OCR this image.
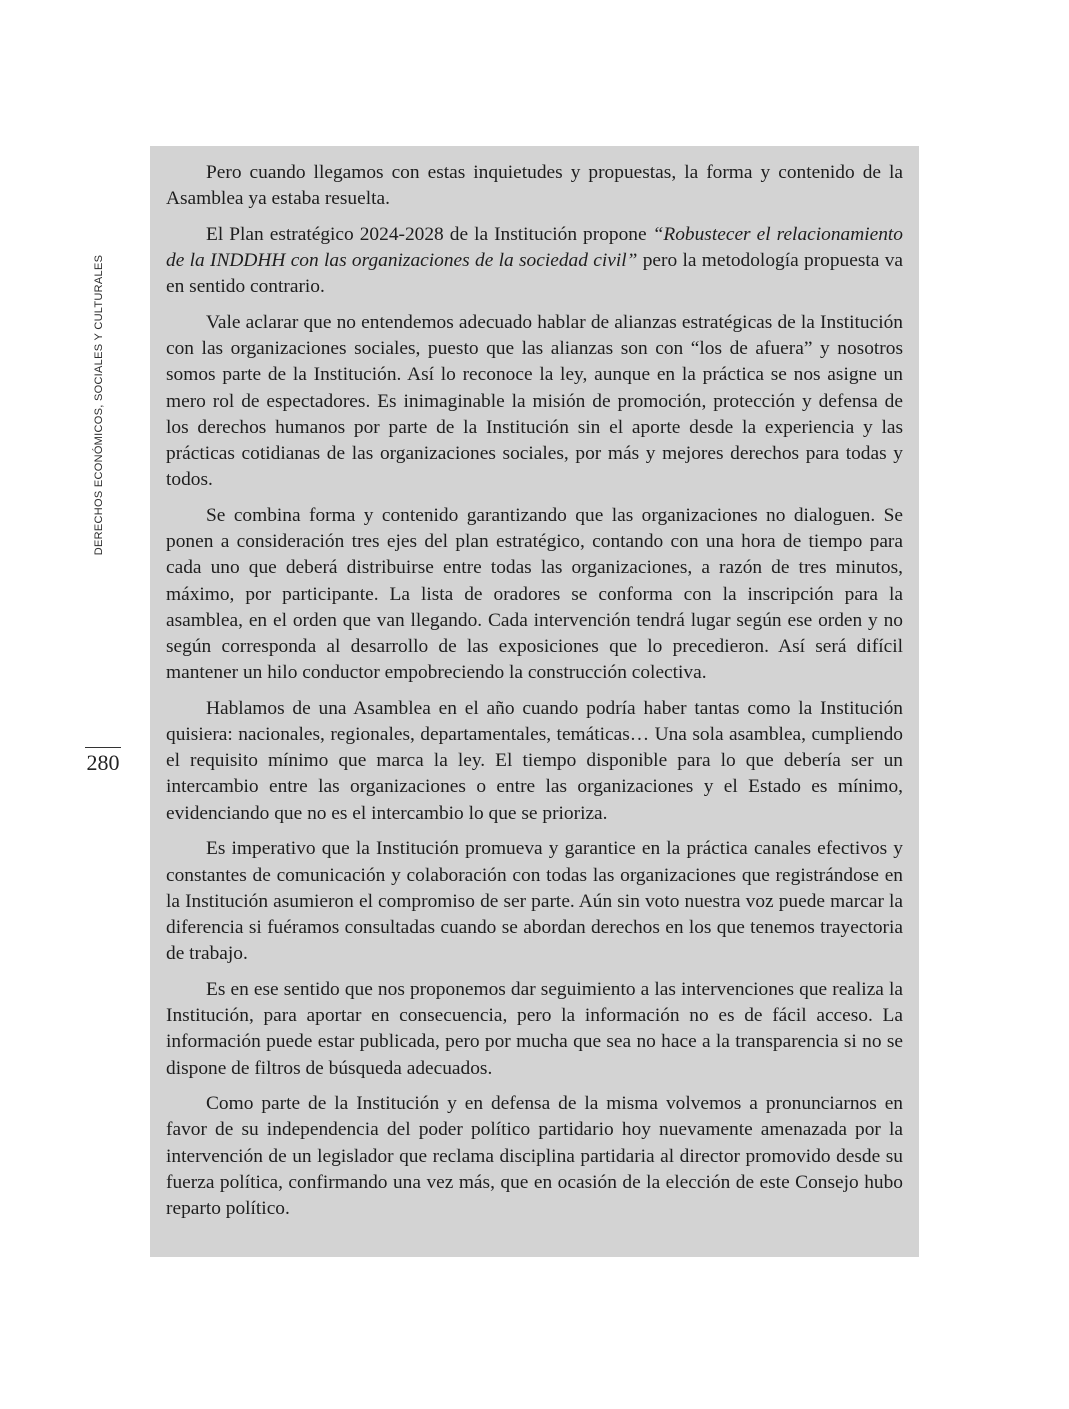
DERECHOS ECONÓMICOS, SOCIALES Y CULTURALES
280

Pero cuando llegamos con estas inquietudes y propuestas, la forma y contenido de la Asamblea ya estaba resuelta.

El Plan estratégico 2024-2028 de la Institución propone “Robustecer el relacionamiento de la INDDHH con las organizaciones de la sociedad civil” pero la metodología propuesta va en sentido contrario.

Vale aclarar que no entendemos adecuado hablar de alianzas estratégicas de la Institución con las organizaciones sociales, puesto que las alianzas son con “los de afuera” y nosotros somos parte de la Institución. Así lo reconoce la ley, aunque en la práctica se nos asigne un mero rol de espectadores. Es inimaginable la misión de promoción, protección y defensa de los derechos humanos por parte de la Institución sin el aporte desde la experiencia y las prácticas cotidianas de las organizaciones sociales, por más y mejores derechos para todas y todos.

Se combina forma y contenido garantizando que las organizaciones no dialoguen. Se ponen a consideración tres ejes del plan estratégico, contando con una hora de tiempo para cada uno que deberá distribuirse entre todas las organizaciones, a razón de tres minutos, máximo, por participante. La lista de oradores se conforma con la inscripción para la asamblea, en el orden que van llegando. Cada intervención tendrá lugar según ese orden y no según corresponda al desarrollo de las exposiciones que lo precedieron. Así será difícil mantener un hilo conductor empobreciendo la construcción colectiva.

Hablamos de una Asamblea en el año cuando podría haber tantas como la Institución quisiera: nacionales, regionales, departamentales, temáticas… Una sola asamblea, cumpliendo el requisito mínimo que marca la ley. El tiempo disponible para lo que debería ser un intercambio entre las organizaciones o entre las organizaciones y el Estado es mínimo, evidenciando que no es el intercambio lo que se prioriza.

Es imperativo que la Institución promueva y garantice en la práctica canales efectivos y constantes de comunicación y colaboración con todas las organizaciones que registrándose en la Institución asumieron el compromiso de ser parte. Aún sin voto nuestra voz puede marcar la diferencia si fuéramos consultadas cuando se abordan derechos en los que tenemos trayectoria de trabajo.

Es en ese sentido que nos proponemos dar seguimiento a las intervenciones que realiza la Institución, para aportar en consecuencia, pero la información no es de fácil acceso. La información puede estar publicada, pero por mucha que sea no hace a la transparencia si no se dispone de filtros de búsqueda adecuados.

Como parte de la Institución y en defensa de la misma volvemos a pronunciarnos en favor de su independencia del poder político partidario hoy nuevamente amenazada por la intervención de un legislador que reclama disciplina partidaria al director promovido desde su fuerza política, confirmando una vez más, que en ocasión de la elección de este Consejo hubo reparto político.
